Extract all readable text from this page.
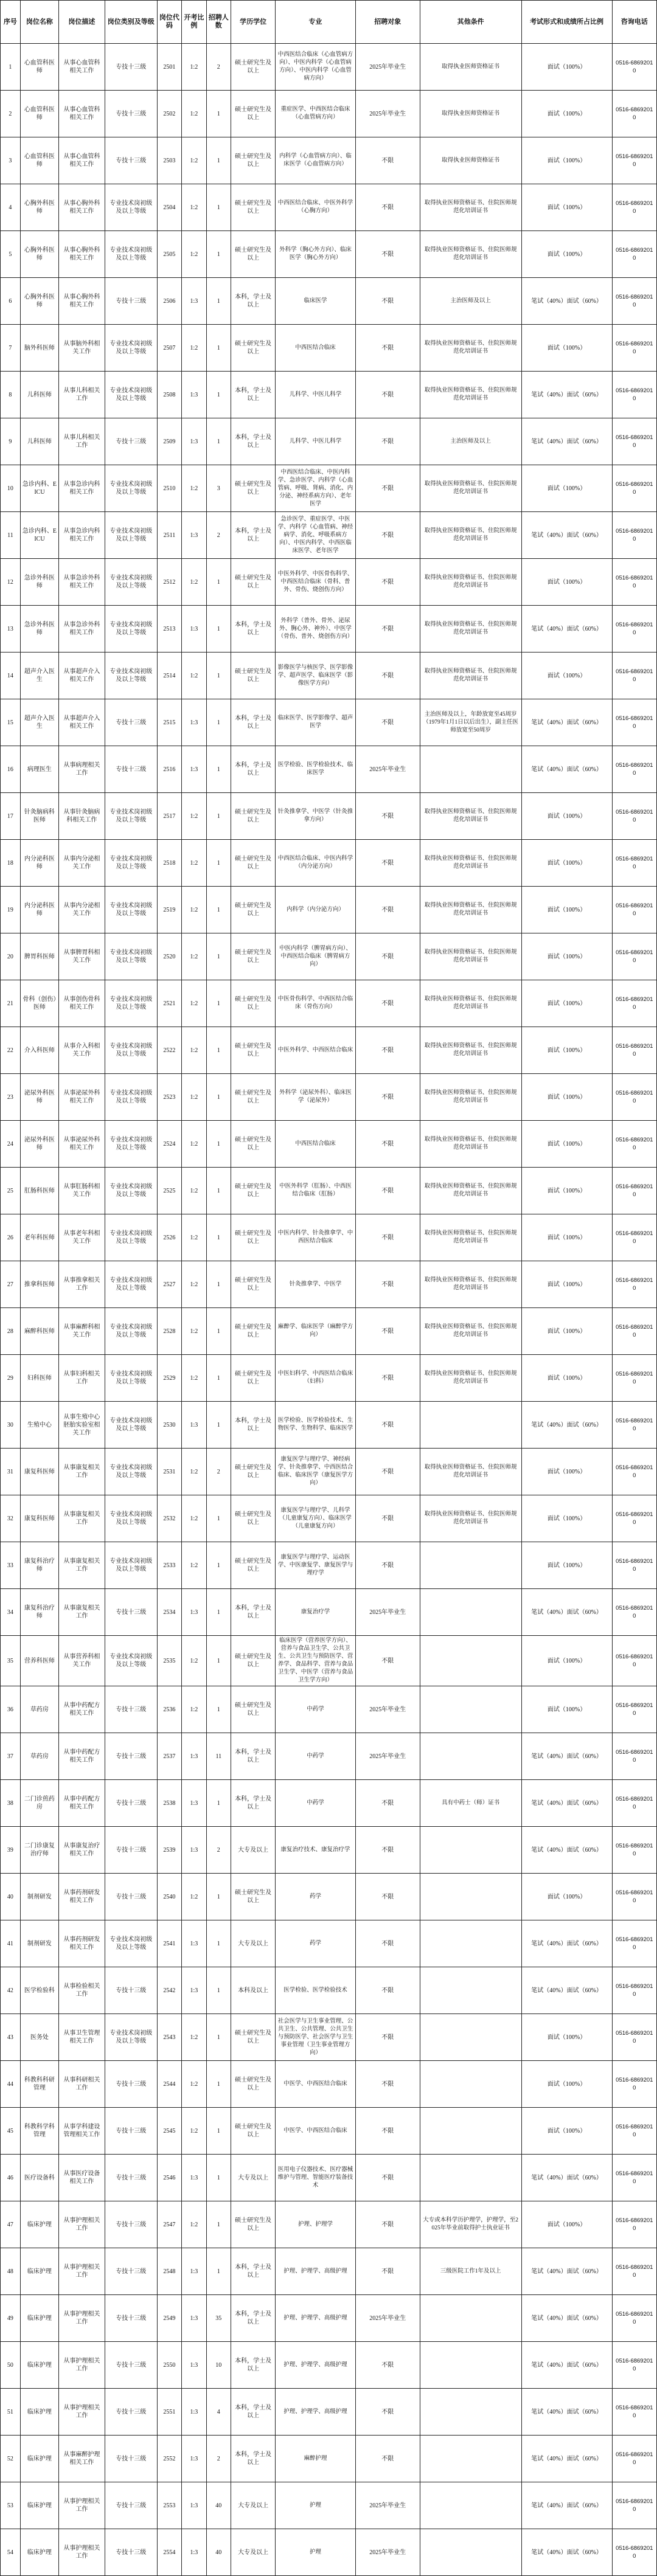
序号	岗位名称	岗位描述	岗位类别及等级	岗位代码	开考比例	招聘人数	学历学位	专业	招聘对象	其他条件	考试形式和成绩所占比例	咨询电话
1	心血管科医师	从事心血管科相关工作	专技十三级	2501	1:2	2	硕士研究生及以上	中西医结合临床（心血管病方向）、中医内科学（心血管病方向）、中医内科学（心血管病方向）	2025年毕业生	取得执业医师资格证书	面试（100%）	0516-68692010
2	心血管科医师	从事心血管科相关工作	专技十三级	2502	1:2	1	硕士研究生及以上	重症医学、中西医结合临床（心血管病方向）	2025年毕业生	取得执业医师资格证书	面试（100%）	0516-68692010
3	心血管科医师	从事心血管科相关工作	专技十三级	2503	1:2	1	硕士研究生及以上	内科学（心血管病方向）、临床医学（心血管病方向）	不限	取得执业医师资格证书	面试（100%）	0516-68692010
4	心胸外科医师	从事心胸外科相关工作	专业技术岗初级及以上等级	2504	1:2	1	硕士研究生及以上	中西医结合临床、中医外科学（心胸方向）	不限	取得执业医师资格证书、住院医师规范化培训证书	面试（100%）	0516-68692010
5	心胸外科医师	从事心胸外科相关工作	专业技术岗初级及以上等级	2505	1:2	1	硕士研究生及以上	外科学（胸心外方向）、临床医学（胸心外方向）	不限	取得执业医师资格证书、住院医师规范化培训证书	面试（100%）	0516-68692010
6	心胸外科医师	从事心胸外科相关工作	专技十三级	2506	1:3	1	本科，学士及以上	临床医学	不限	主治医师及以上	笔试（40%）面试（60%）	0516-68692010
7	脑外科医师	从事脑外科相关工作	专业技术岗初级及以上等级	2507	1:2	1	硕士研究生及以上	中西医结合临床	不限	取得执业医师资格证书、住院医师规范化培训证书	面试（100%）	0516-68692010
8	儿科医师	从事儿科相关工作	专业技术岗初级及以上等级	2508	1:3	1	本科，学士及以上	儿科学、中医儿科学	不限	取得执业医师资格证书、住院医师规范化培训证书	笔试（40%）面试（60%）	0516-68692010
9	儿科医师	从事儿科相关工作	专技十三级	2509	1:3	1	本科，学士及以上	儿科学、中医儿科学	不限	主治医师及以上	笔试（40%）面试（60%）	0516-68692010
10	急诊内科、EICU	从事急诊内科相关工作	专业技术岗初级及以上等级	2510	1:2	3	硕士研究生及以上	中西医结合临床、中医内科学、急诊医学、内科学（心血管病、呼吸、肾病、消化、内分泌、神经系病方向）、老年医学	不限	取得执业医师资格证书、住院医师规范化培训证书	面试（100%）	0516-68692010
11	急诊内科、EICU	从事急诊内科相关工作	专业技术岗初级及以上等级	2511	1:3	2	本科，学士及以上	急诊医学、重症医学、中医学、内科学（心血管病、神经病学、消化、呼吸系病方向）、中医内科学、中西医临床医学、老年医学	不限	取得执业医师资格证书、住院医师规范化培训证书	笔试（40%）面试（60%）	0516-68692010
12	急诊外科医师	从事急诊外科相关工作	专业技术岗初级及以上等级	2512	1:2	1	硕士研究生及以上	中医外科学、中医骨伤科学、中西医结合临床（骨科、普外、骨伤、烧创伤方向）	不限	取得执业医师资格证书、住院医师规范化培训证书	面试（100%）	0516-68692010
13	急诊外科医师	从事急诊外科相关工作	专业技术岗初级及以上等级	2513	1:3	1	本科，学士及以上	外科学（普外、骨外、泌尿外、胸心外、神外）、中医学（骨伤、普外、烧创伤方向）	不限	取得执业医师资格证书、住院医师规范化培训证书	笔试（40%）面试（60%）	0516-68692010
14	超声介入医生	从事超声介入相关工作	专业技术岗初级及以上等级	2514	1:2	1	硕士研究生及以上	影像医学与核医学、医学影像学、超声医学、临床医学（影像医学方向）	不限	取得执业医师资格证书、住院医师规范化培训证书	面试（100%）	0516-68692010
15	超声介入医生	从事超声介入相关工作	专技十三级	2515	1:3	1	本科，学士及以上	临床医学、医学影像学、超声医学	不限	主治医师及以上，年龄放宽至45周岁（1979年1月1日以后出生），副主任医师放宽至50周岁	笔试（40%）面试（60%）	0516-68692010
16	病理医生	从事病理相关工作	专技十三级	2516	1:3	1	本科，学士及以上	医学检验、医学检验技术、临床医学	2025年毕业生		笔试（40%）面试（60%）	0516-68692010
17	针灸脑病科医师	从事针灸脑病科相关工作	专业技术岗初级及以上等级	2517	1:2	1	硕士研究生及以上	针灸推拿学、中医学（针灸推拿方向）	不限	取得执业医师资格证书、住院医师规范化培训证书	面试（100%）	0516-68692010
18	内分泌科医师	从事内分泌相关工作	专业技术岗初级及以上等级	2518	1:2	1	硕士研究生及以上	中西医结合临床、中医内科学（内分泌方向）	不限	取得执业医师资格证书、住院医师规范化培训证书	面试（100%）	0516-68692010
19	内分泌科医师	从事内分泌相关工作	专业技术岗初级及以上等级	2519	1:2	1	硕士研究生及以上	内科学（内分泌方向）	不限	取得执业医师资格证书、住院医师规范化培训证书	面试（100%）	0516-68692010
20	脾胃科医师	从事脾胃科相关工作	专业技术岗初级及以上等级	2520	1:2	1	硕士研究生及以上	中医内科学（脾胃病方向）、中西医结合临床（脾胃病方向）	不限	取得执业医师资格证书、住院医师规范化培训证书	面试（100%）	0516-68692010
21	骨科（创伤）医师	从事创伤骨科相关工作	专业技术岗初级及以上等级	2521	1:2	1	硕士研究生及以上	中医骨伤科学、中西医结合临床（骨伤方向）	不限	取得执业医师资格证书、住院医师规范化培训证书	面试（100%）	0516-68692010
22	介入科医师	从事介入科相关工作	专业技术岗初级及以上等级	2522	1:2	1	硕士研究生及以上	中医外科学、中西医结合临床	不限	取得执业医师资格证书、住院医师规范化培训证书	面试（100%）	0516-68692010
23	泌尿外科医师	从事泌尿外科相关工作	专业技术岗初级及以上等级	2523	1:2	1	硕士研究生及以上	外科学（泌尿外科）、临床医学（泌尿外）	不限	取得执业医师资格证书、住院医师规范化培训证书	面试（100%）	0516-68692010
24	泌尿外科医师	从事泌尿外科相关工作	专业技术岗初级及以上等级	2524	1:2	1	硕士研究生及以上	中西医结合临床	不限	取得执业医师资格证书、住院医师规范化培训证书	面试（100%）	0516-68692010
25	肛肠科医师	从事肛肠科相关工作	专业技术岗初级及以上等级	2525	1:2	1	硕士研究生及以上	中医外科学（肛肠）、中西医结合临床（肛肠）	不限	取得执业医师资格证书、住院医师规范化培训证书	面试（100%）	0516-68692010
26	老年科医师	从事老年科相关工作	专业技术岗初级及以上等级	2526	1:2	1	硕士研究生及以上	中医内科学、针灸推拿学、中西医结合临床	不限	取得执业医师资格证书、住院医师规范化培训证书	面试（100%）	0516-68692010
27	推拿科医师	从事推拿相关工作	专业技术岗初级及以上等级	2527	1:2	1	硕士研究生及以上	针灸推拿学、中医学	不限	取得执业医师资格证书、住院医师规范化培训证书	面试（100%）	0516-68692010
28	麻醉科医师	从事麻醉科相关工作	专业技术岗初级及以上等级	2528	1:2	1	硕士研究生及以上	麻醉学、临床医学（麻醉学方向）	不限	取得执业医师资格证书、住院医师规范化培训证书	面试（100%）	0516-68692010
29	妇科医师	从事妇科相关工作	专业技术岗初级及以上等级	2529	1:2	1	硕士研究生及以上	中医妇科学、中西医结合临床（妇科）	不限	取得执业医师资格证书、住院医师规范化培训证书	面试（100%）	0516-68692010
30	生殖中心	从事生殖中心胚胎实验室相关工作	专业技术岗初级及以上等级	2530	1:3	1	本科，学士及以上	医学检验、医学检验技术、生物医学、生物科学、临床医学	不限		笔试（40%）面试（60%）	0516-68692010
31	康复科医师	从事康复相关工作	专业技术岗初级及以上等级	2531	1:2	2	硕士研究生及以上	康复医学与理疗学、神经病学、针灸推拿学、中西医结合临床、临床医学（康复医学方向）	不限	取得执业医师资格证书、住院医师规范化培训证书	面试（100%）	0516-68692010
32	康复科医师	从事康复相关工作	专业技术岗初级及以上等级	2532	1:2	1	硕士研究生及以上	康复医学与理疗学、儿科学（儿童康复方向）、临床医学（儿童康复方向）	不限	取得执业医师资格证书、住院医师规范化培训证书	面试（100%）	0516-68692010
33	康复科治疗师	从事康复相关工作	专业技术岗初级及以上等级	2533	1:2	1	硕士研究生及以上	康复医学与理疗学、运动医学、中医康复学、康复医学与理疗学	不限		面试（100%）	0516-68692010
34	康复科治疗师	从事康复相关工作	专技十三级	2534	1:3	1	本科，学士及以上	康复治疗学	2025年毕业生		笔试（40%）面试（60%）	0516-68692010
35	营养科医师	从事营养科相关工作	专业技术岗初级及以上等级	2535	1:2	1	硕士研究生及以上	临床医学（营养医学方向）、营养与食品卫生学、公共卫生、公共卫生与预防医学、营养学、食品科学、营养与食品卫生学、中医学（营养与食品卫生学方向）	不限		面试（100%）	0516-68692010
36	草药房	从事中药配方相关工作	专技十三级	2536	1:2	1	硕士研究生及以上	中药学	2025年毕业生		面试（100%）	0516-68692010
37	草药房	从事中药配方相关工作	专技十三级	2537	1:3	11	本科，学士及以上	中药学	2025年毕业生		笔试（40%）面试（60%）	0516-68692010
38	二门诊煎药房	从事中药配方相关工作	专技十三级	2538	1:3	1	本科，学士及以上	中药学	不限	具有中药士（师）证书	笔试（40%）面试（60%）	0516-68692010
39	二门诊康复治疗师	从事康复治疗相关工作	专技十三级	2539	1:3	2	大专及以上	康复治疗技术、康复治疗学	不限		笔试（40%）面试（60%）	0516-68692010
40	制剂研发	从事药剂研发相关工作	专技十三级	2540	1:2	1	硕士研究生及以上	药学	不限		面试（100%）	0516-68692010
41	制剂研发	从事药剂研发相关工作	专业技术岗初级及以上等级	2541	1:3	1	大专及以上	药学	不限		笔试（40%）面试（60%）	0516-68692010
42	医学检验科	从事检验相关工作	专技十三级	2542	1:3	1	本科及以上	医学检验、医学检验技术	不限		笔试（40%）面试（60%）	0516-68692010
43	医务处	从事卫生管理相关工作	专业技术岗初级及以上等级	2543	1:2	1	硕士研究生及以上	社会医学与卫生事业管理、公共卫生、公共管理、公共卫生与预防医学、社会医学与卫生事业管理（卫生事业管理方向）	不限		面试（100%）	0516-68692010
44	科教科科研管理	从事科研相关工作	专技十三级	2544	1:2	1	硕士研究生及以上	中医学、中西医结合临床	不限		面试（100%）	0516-68692010
45	科教科学科管理	从事学科建设管理相关工作	专技十三级	2545	1:2	1	硕士研究生及以上	中医学、中西医结合临床	不限		面试（100%）	0516-68692010
46	医疗设备科	从事医疗设备相关工作	专技十三级	2546	1:3	1	大专及以上	医用电子仪器技术、医疗器械维护与管理、智能医疗装备技术	不限		笔试（40%）面试（60%）	0516-68692010
47	临床护理	从事护理相关工作	专技十三级	2547	1:2	1	硕士研究生及以上	护理、护理学	不限	大专或本科学历护理学，护理学，至2025年毕业前取得护士执业证书	面试（100%）	0516-68692010
48	临床护理	从事护理相关工作	专技十三级	2548	1:3	1	本科，学士及以上	护理、护理学、高级护理	不限	三级医院工作1年及以上	笔试（40%）面试（60%）	0516-68692010
49	临床护理	从事护理相关工作	专技十三级	2549	1:3	35	本科，学士及以上	护理、护理学、高级护理	2025年毕业生		笔试（40%）面试（60%）	0516-68692010
50	临床护理	从事护理相关工作	专技十三级	2550	1:3	10	本科，学士及以上	护理、护理学、高级护理	不限		笔试（40%）面试（60%）	0516-68692010
51	临床护理	从事护理相关工作	专技十三级	2551	1:3	4	本科，学士及以上	护理、护理学、高级护理	不限		笔试（40%）面试（60%）	0516-68692010
52	临床护理	从事麻醉护理相关工作	专技十三级	2552	1:3	2	本科，学士及以上	麻醉护理	不限		笔试（40%）面试（60%）	0516-68692010
53	临床护理	从事护理相关工作	专技十三级	2553	1:3	40	大专及以上	护理	2025年毕业生		笔试（40%）面试（60%）	0516-68692010
54	临床护理	从事护理相关工作	专技十三级	2554	1:3	40	大专及以上	护理	2025年毕业生		笔试（40%）面试（60%）	0516-68692010
